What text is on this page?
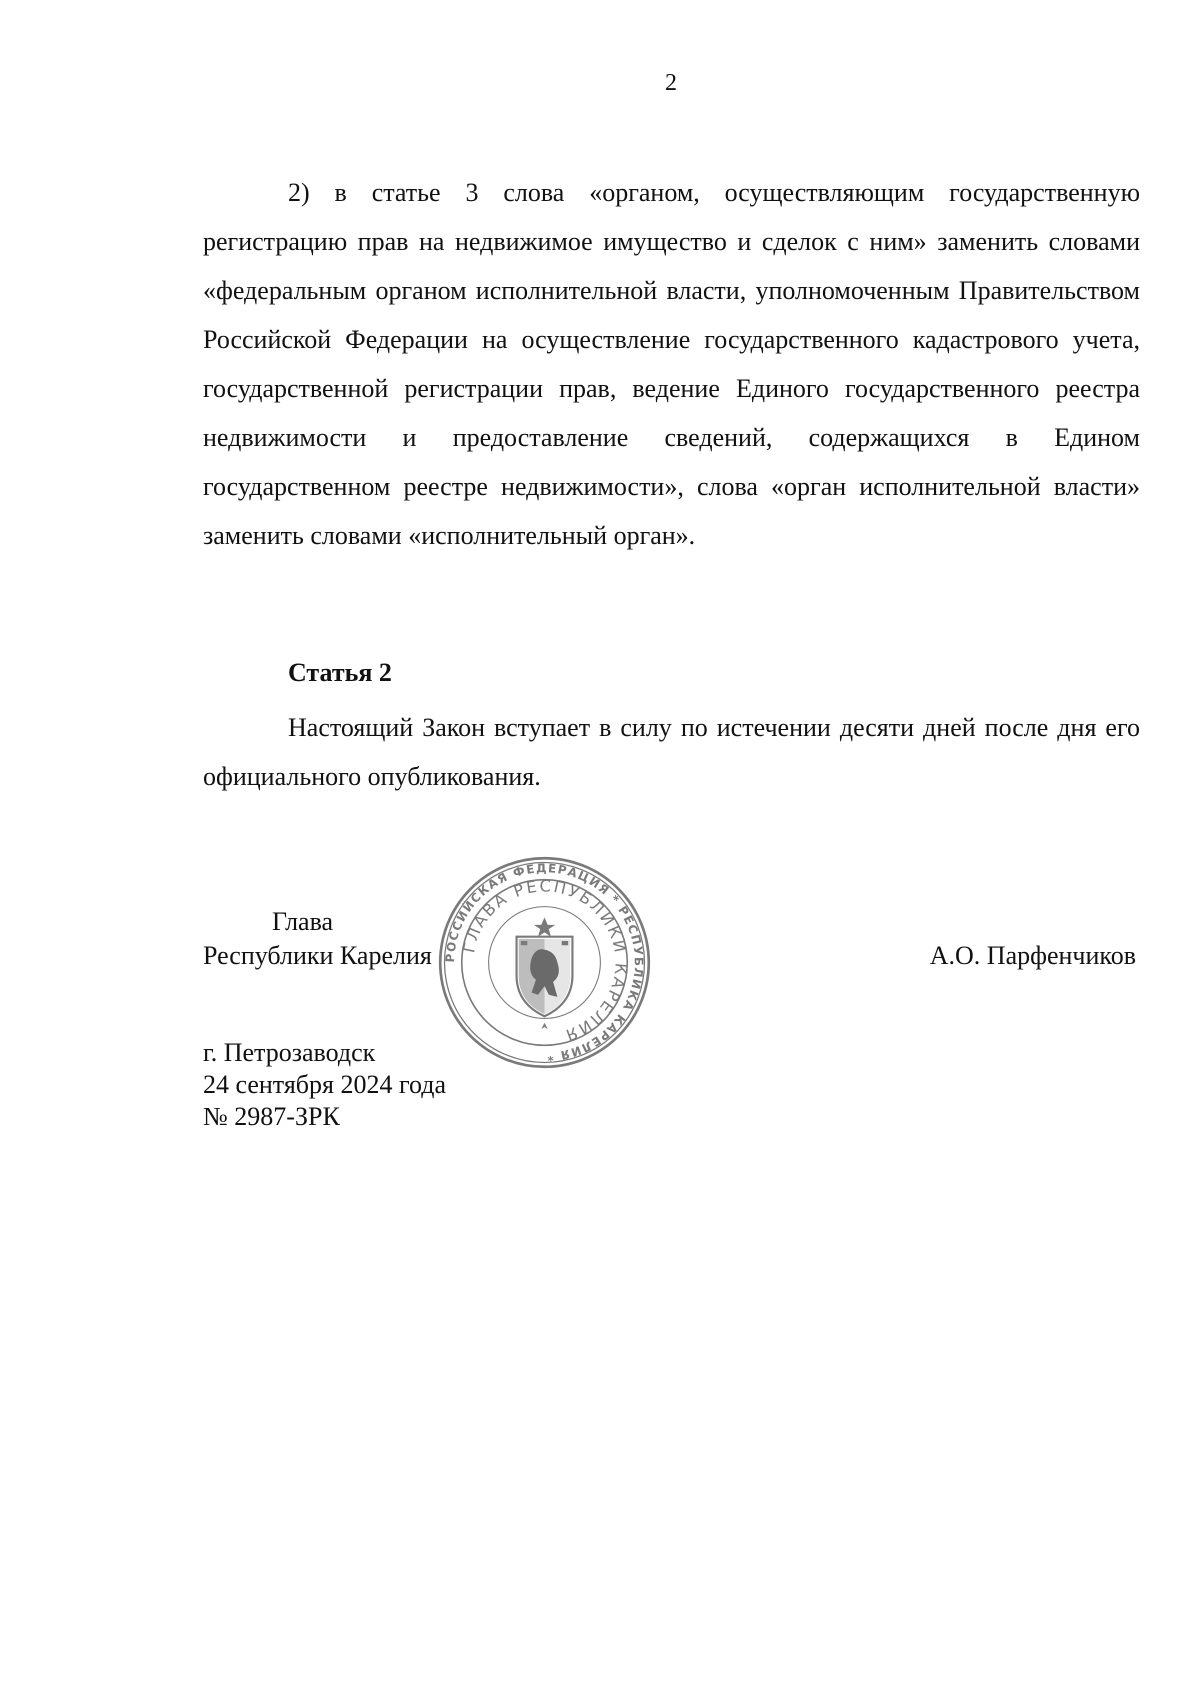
2

2) в статье 3 слова «органом, осуществляющим государственную регистрацию прав на недвижимое имущество и сделок с ним» заменить словами «федеральным органом исполнительной власти, уполномоченным Правительством Российской Федерации на осуществление государственного кадастрового учета, государственной регистрации прав, ведение Единого государственного реестра недвижимости и предоставление сведений, содержащихся в Едином государственном реестре недвижимости», слова «орган исполнительной власти» заменить словами «исполнительный орган».

Статья 2

Настоящий Закон вступает в силу по истечении десяти дней после дня его официального опубликования.

Глава
Республики Карелия	А.О. Парфенчиков
РОССИЙСКАЯ ФЕДЕРАЦИЯ * РЕСПУБЛИКА КАРЕЛИЯ *
ГЛАВА РЕСПУБЛИКИ КАРЕЛИЯ
г. Петрозаводск
24 сентября 2024 года
№ 2987-ЗРК
